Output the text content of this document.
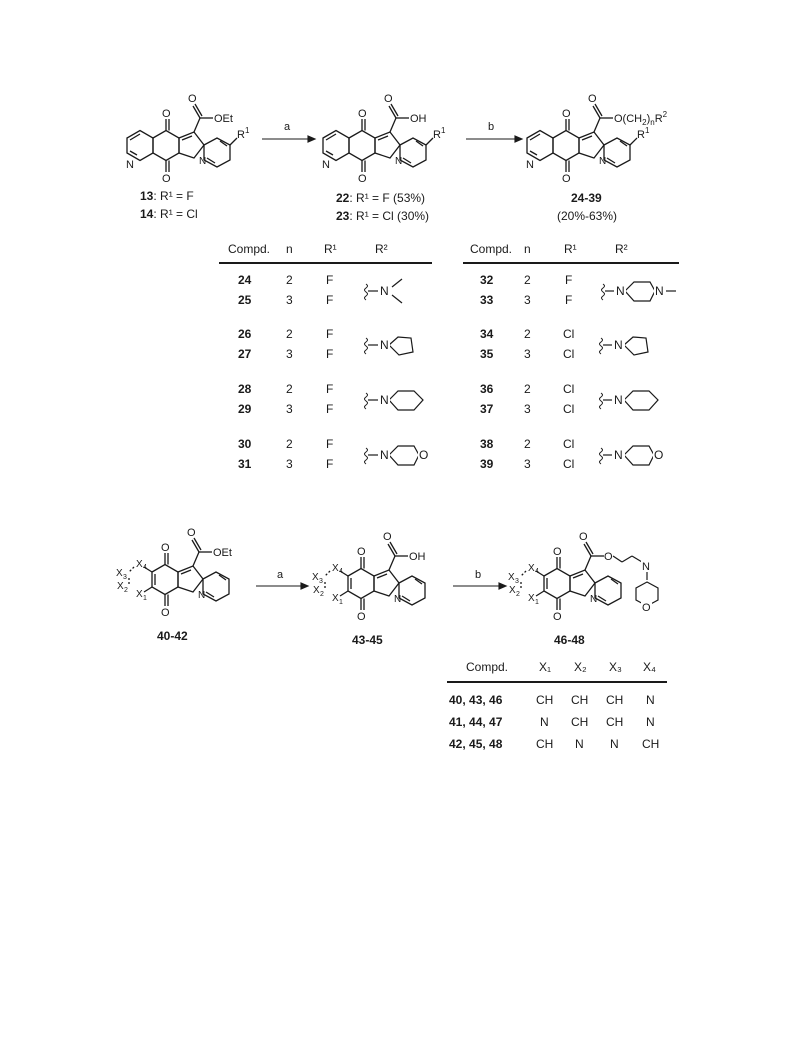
O
O
N	N
O
OEt
R 1
O
O
N	N
O
OH
R 1
O
O
N	N
O
$O(CH_2)_nR^2$
R 1
a	b
13: R¹ = F
14: R¹ = Cl
22: R¹ = F (53%)
23: R¹ = Cl (30%)
24-39
(20%-63%)
Compd. n	R¹	R²	Compd. n	R¹	R²
24	2	F
25	3	F
26	2	F
27	3	F
28	2	F
29	3	F
30	2	F
31	3	F
32	2	F
33	3	F
34	2	Cl
35	3	Cl
36	2	Cl
37	3	Cl
38	2	Cl
39	3	Cl
N
N
N
N	O
N	N
N
N
N	O
X 1
O
O
N
O
OEt	O
O
N
O
OH	O
O
N
O
O
N
O
a	b
40-42	43-45	46-48
Compd.	X₁ X₂ X₃ X₄
40, 43, 46	CH CH CH N
41, 44, 47	N CH CH N
42, 45, 48	CH N N CH
